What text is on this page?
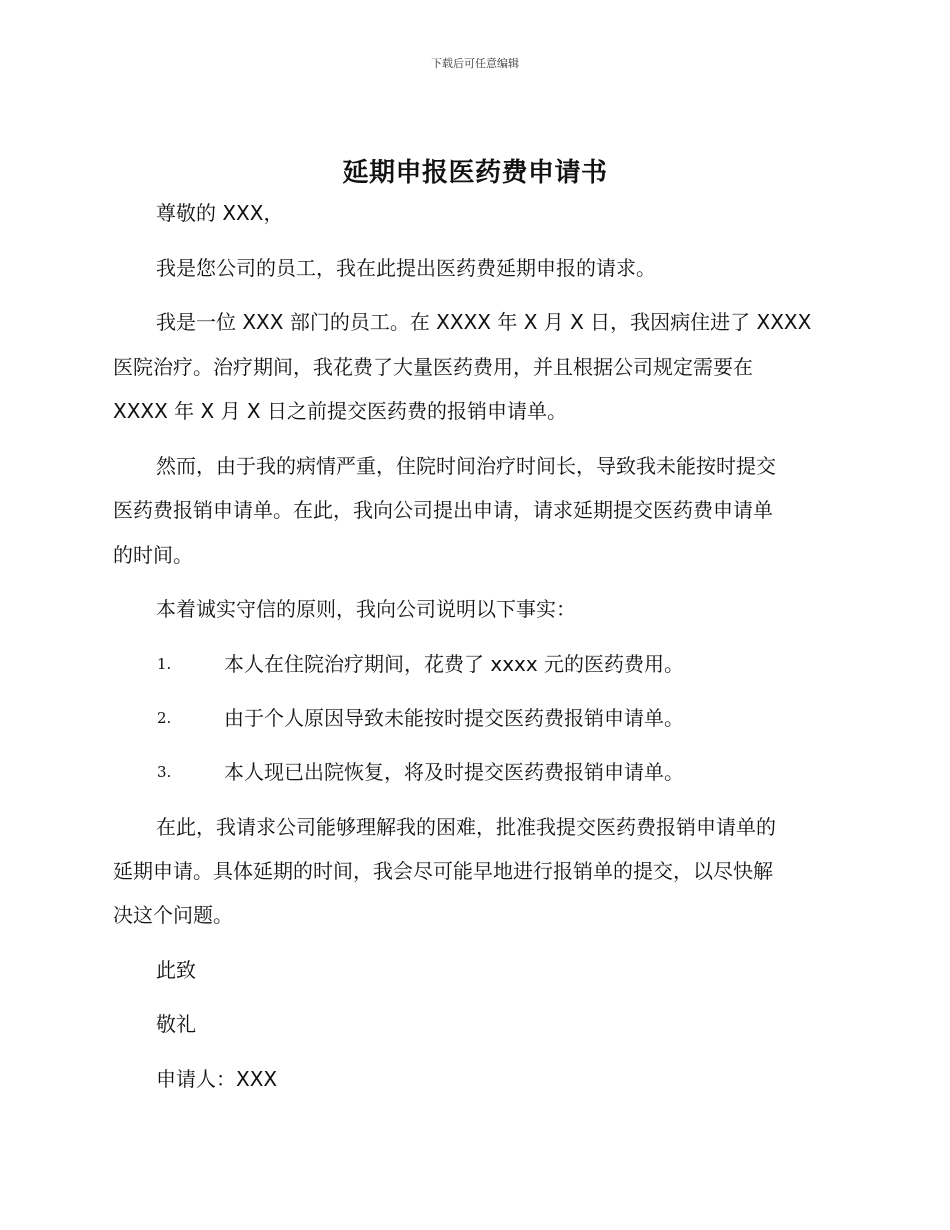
下载后可任意编辑
延期申报医药费申请书
尊敬的 XXX，
我是您公司的员工，我在此提出医药费延期申报的请求。
我是一位 XXX 部门的员工。在 XXXX 年 X 月 X 日，我因病住进了 XXXX
医院治疗。治疗期间，我花费了大量医药费用，并且根据公司规定需要在
XXXX 年 X 月 X 日之前提交医药费的报销申请单。
然而，由于我的病情严重，住院时间治疗时间长，导致我未能按时提交
医药费报销申请单。在此，我向公司提出申请，请求延期提交医药费申请单
的时间。
本着诚实守信的原则，我向公司说明以下事实：
1.	本人在住院治疗期间，花费了 xxxx 元的医药费用。
2.	由于个人原因导致未能按时提交医药费报销申请单。
3.	本人现已出院恢复，将及时提交医药费报销申请单。
在此，我请求公司能够理解我的困难，批准我提交医药费报销申请单的
延期申请。具体延期的时间，我会尽可能早地进行报销单的提交，以尽快解
决这个问题。
此致
敬礼
申请人：XXX
